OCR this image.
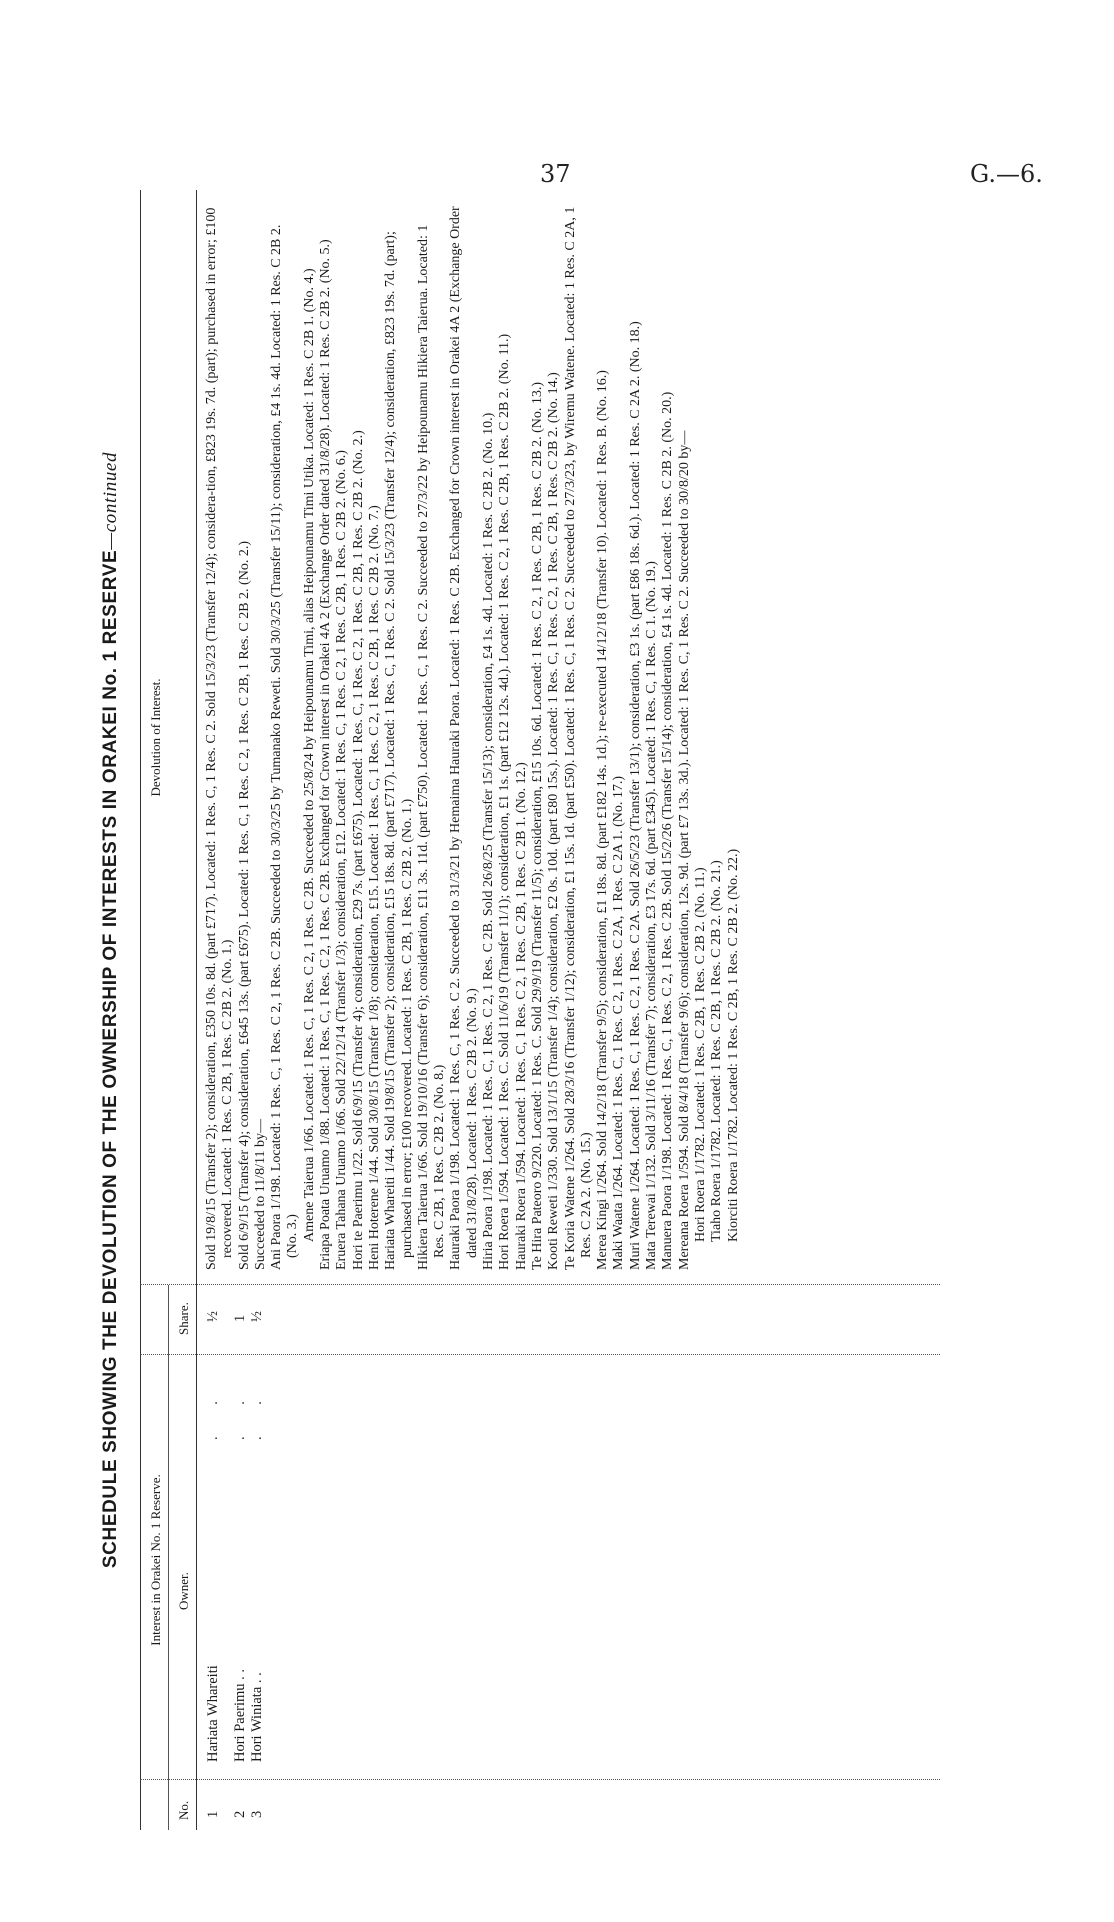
37	G.—6.
SCHEDULE SHOWING THE DEVOLUTION OF THE OWNERSHIP OF INTERESTS IN ORAKEI No. 1 RESERVE—continued
Interest in Orakei No. 1 Reserve.
No.
Owner.
Share.
Devolution of Interest.
1
Hariata Whareiti
. .
½
2
Hori Paerimu . .
. .
1
3
Hori Winiata . .
. .
½

Sold 19/8/15 (Transfer 2); consideration, £350 10s. 8d. (part £717). Located: 1 Res. C, 1 Res. C 2. Sold 15/3/23 (Transfer 12/4); considera-tion, £823 19s. 7d. (part); purchased in error; £100 recovered. Located: 1 Res. C 2B, 1 Res. C 2B 2. (No. 1.) Sold 6/9/15 (Transfer 4); consideration, £645 13s. (part £675). Located: 1 Res. C, 1 Res. C 2, 1 Res. C 2B, 1 Res. C 2B 2. (No. 2.) Succeeded to 11/8/11 by— Ani Paora 1/198. Located: 1 Res. C, 1 Res. C 2, 1 Res. C 2B. Succeeded to 30/3/25 by Tumanako Reweti. Sold 30/3/25 (Transfer 15/11); consideration, £4 1s. 4d. Located: 1 Res. C 2B 2. (No. 3.) Amene Taierua 1/66. Located: 1 Res. C, 1 Res. C 2, 1 Res. C 2B. Succeeded to 25/8/24 by Heipounamu Timi, alias Heipounamu Timi Utika. Located: 1 Res. C 2B 1. (No. 4.) Eriapa Poata Uruamo 1/88. Located: 1 Res. C, 1 Res. C 2, 1 Res. C 2B. Exchanged for Crown interest in Orakei 4A 2 (Exchange Order dated 31/8/28). Located: 1 Res. C 2B 2. (No. 5.) Eruera Tahana Uruamo 1/66. Sold 22/12/14 (Transfer 1/3); consideration, £12. Located: 1 Res. C, 1 Res. C 2, 1 Res. C 2B, 1 Res. C 2B 2. (No. 6.) Hori te Paerimu 1/22. Sold 6/9/15 (Transfer 4); consideration, £29 7s. (part £675). Located: 1 Res. C, 1 Res. C 2, 1 Res. C 2B, 1 Res. C 2B 2. (No. 2.) Heni Hoterene 1/44. Sold 30/8/15 (Transfer 1/8); consideration, £15. Located: 1 Res. C, 1 Res. C 2, 1 Res. C 2B, 1 Res. C 2B 2. (No. 7.) Hariata Whareiti 1/44. Sold 19/8/15 (Transfer 2); consideration, £15 18s. 8d. (part £717). Located: 1 Res. C, 1 Res. C 2. Sold 15/3/23 (Transfer 12/4); consideration, £823 19s. 7d. (part); purchased in error; £100 recovered. Located: 1 Res. C 2B, 1 Res. C 2B 2. (No. 1.) Hikiera Taierua 1/66. Sold 19/10/16 (Transfer 6); consideration, £11 3s. 11d. (part £750). Located: 1 Res. C, 1 Res. C 2. Succeeded to 27/3/22 by Heipounamu Hikiera Taierua. Located: 1 Res. C 2B, 1 Res. C 2B 2. (No. 8.) Hauraki Paora 1/198. Located: 1 Res. C, 1 Res. C 2. Succeeded to 31/3/21 by Hemaima Hauraki Paora. Located: 1 Res. C 2B. Exchanged for Crown interest in Orakei 4A 2 (Exchange Order dated 31/8/28). Located: 1 Res. C 2B 2. (No. 9.) Hiria Paora 1/198. Located: 1 Res. C, 1 Res. C 2, 1 Res. C 2B. Sold 26/8/25 (Transfer 15/13); consideration, £4 1s. 4d. Located: 1 Res. C 2B 2. (No. 10.) Hori Roera 1/594. Located: 1 Res. C. Sold 11/6/19 (Transfer 11/1); consideration, £1 1s. (part £12 12s. 4d.). Located: 1 Res. C 2, 1 Res. C 2B, 1 Res. C 2B 2. (No. 11.) Hauraki Roera 1/594. Located: 1 Res. C, 1 Res. C 2, 1 Res. C 2B, 1 Res. C 2B 1. (No. 12.) Te Hira Pateoro 9/220. Located: 1 Res. C. Sold 29/9/19 (Transfer 11/5); consideration, £15 10s. 6d. Located: 1 Res. C 2, 1 Res. C 2B, 1 Res. C 2B 2. (No. 13.) Kooti Reweti 1/330. Sold 13/1/15 (Transfer 1/4); consideration, £2 0s. 10d. (part £80 15s.). Located: 1 Res. C, 1 Res. C 2, 1 Res. C 2B, 1 Res. C 2B 2. (No. 14.) Te Koria Watene 1/264. Sold 28/3/16 (Transfer 1/12); consideration, £1 15s. 1d. (part £50). Located: 1 Res. C, 1 Res. C 2. Succeeded to 27/3/23, by Wiremu Watene. Located: 1 Res. C 2A, 1 Res. C 2A 2. (No. 15.) Merea Kingi 1/264. Sold 14/2/18 (Transfer 9/5); consideration, £1 18s. 8d. (part £182 14s. 1d.); re-executed 14/12/18 (Transfer 10). Located: 1 Res. B. (No. 16.) Maki Waata 1/264. Located: 1 Res. C, 1 Res. C 2, 1 Res. C 2A, 1 Res. C 2A 1. (No. 17.) Muri Watene 1/264. Located: 1 Res. C, 1 Res. C 2, 1 Res. C 2A. Sold 26/5/23 (Transfer 13/1); consideration, £3 1s. (part £86 18s. 6d.). Located: 1 Res. C 2A 2. (No. 18.) Mata Terewai 1/132. Sold 3/11/16 (Transfer 7); consideration, £3 17s. 6d. (part £345). Located: 1 Res. C, 1 Res. C 1. (No. 19.) Manuera Paora 1/198. Located: 1 Res. C, 1 Res. C 2, 1 Res. C 2B. Sold 15/2/26 (Transfer 15/14); consideration, £4 1s. 4d. Located: 1 Res. C 2B 2. (No. 20.) Mereana Roera 1/594. Sold 8/4/18 (Transfer 9/6); consideration, 12s. 9d. (part £7 13s. 3d.). Located: 1 Res. C, 1 Res. C 2. Succeeded to 30/8/20 by— Hori Roera 1/1782. Located: 1 Res. C 2B, 1 Res. C 2B 2. (No. 11.) Tiaho Roera 1/1782. Located: 1 Res. C 2B, 1 Res. C 2B 2. (No. 21.) Kiorciti Roera 1/1782. Located: 1 Res. C 2B, 1 Res. C 2B 2. (No. 22.)
